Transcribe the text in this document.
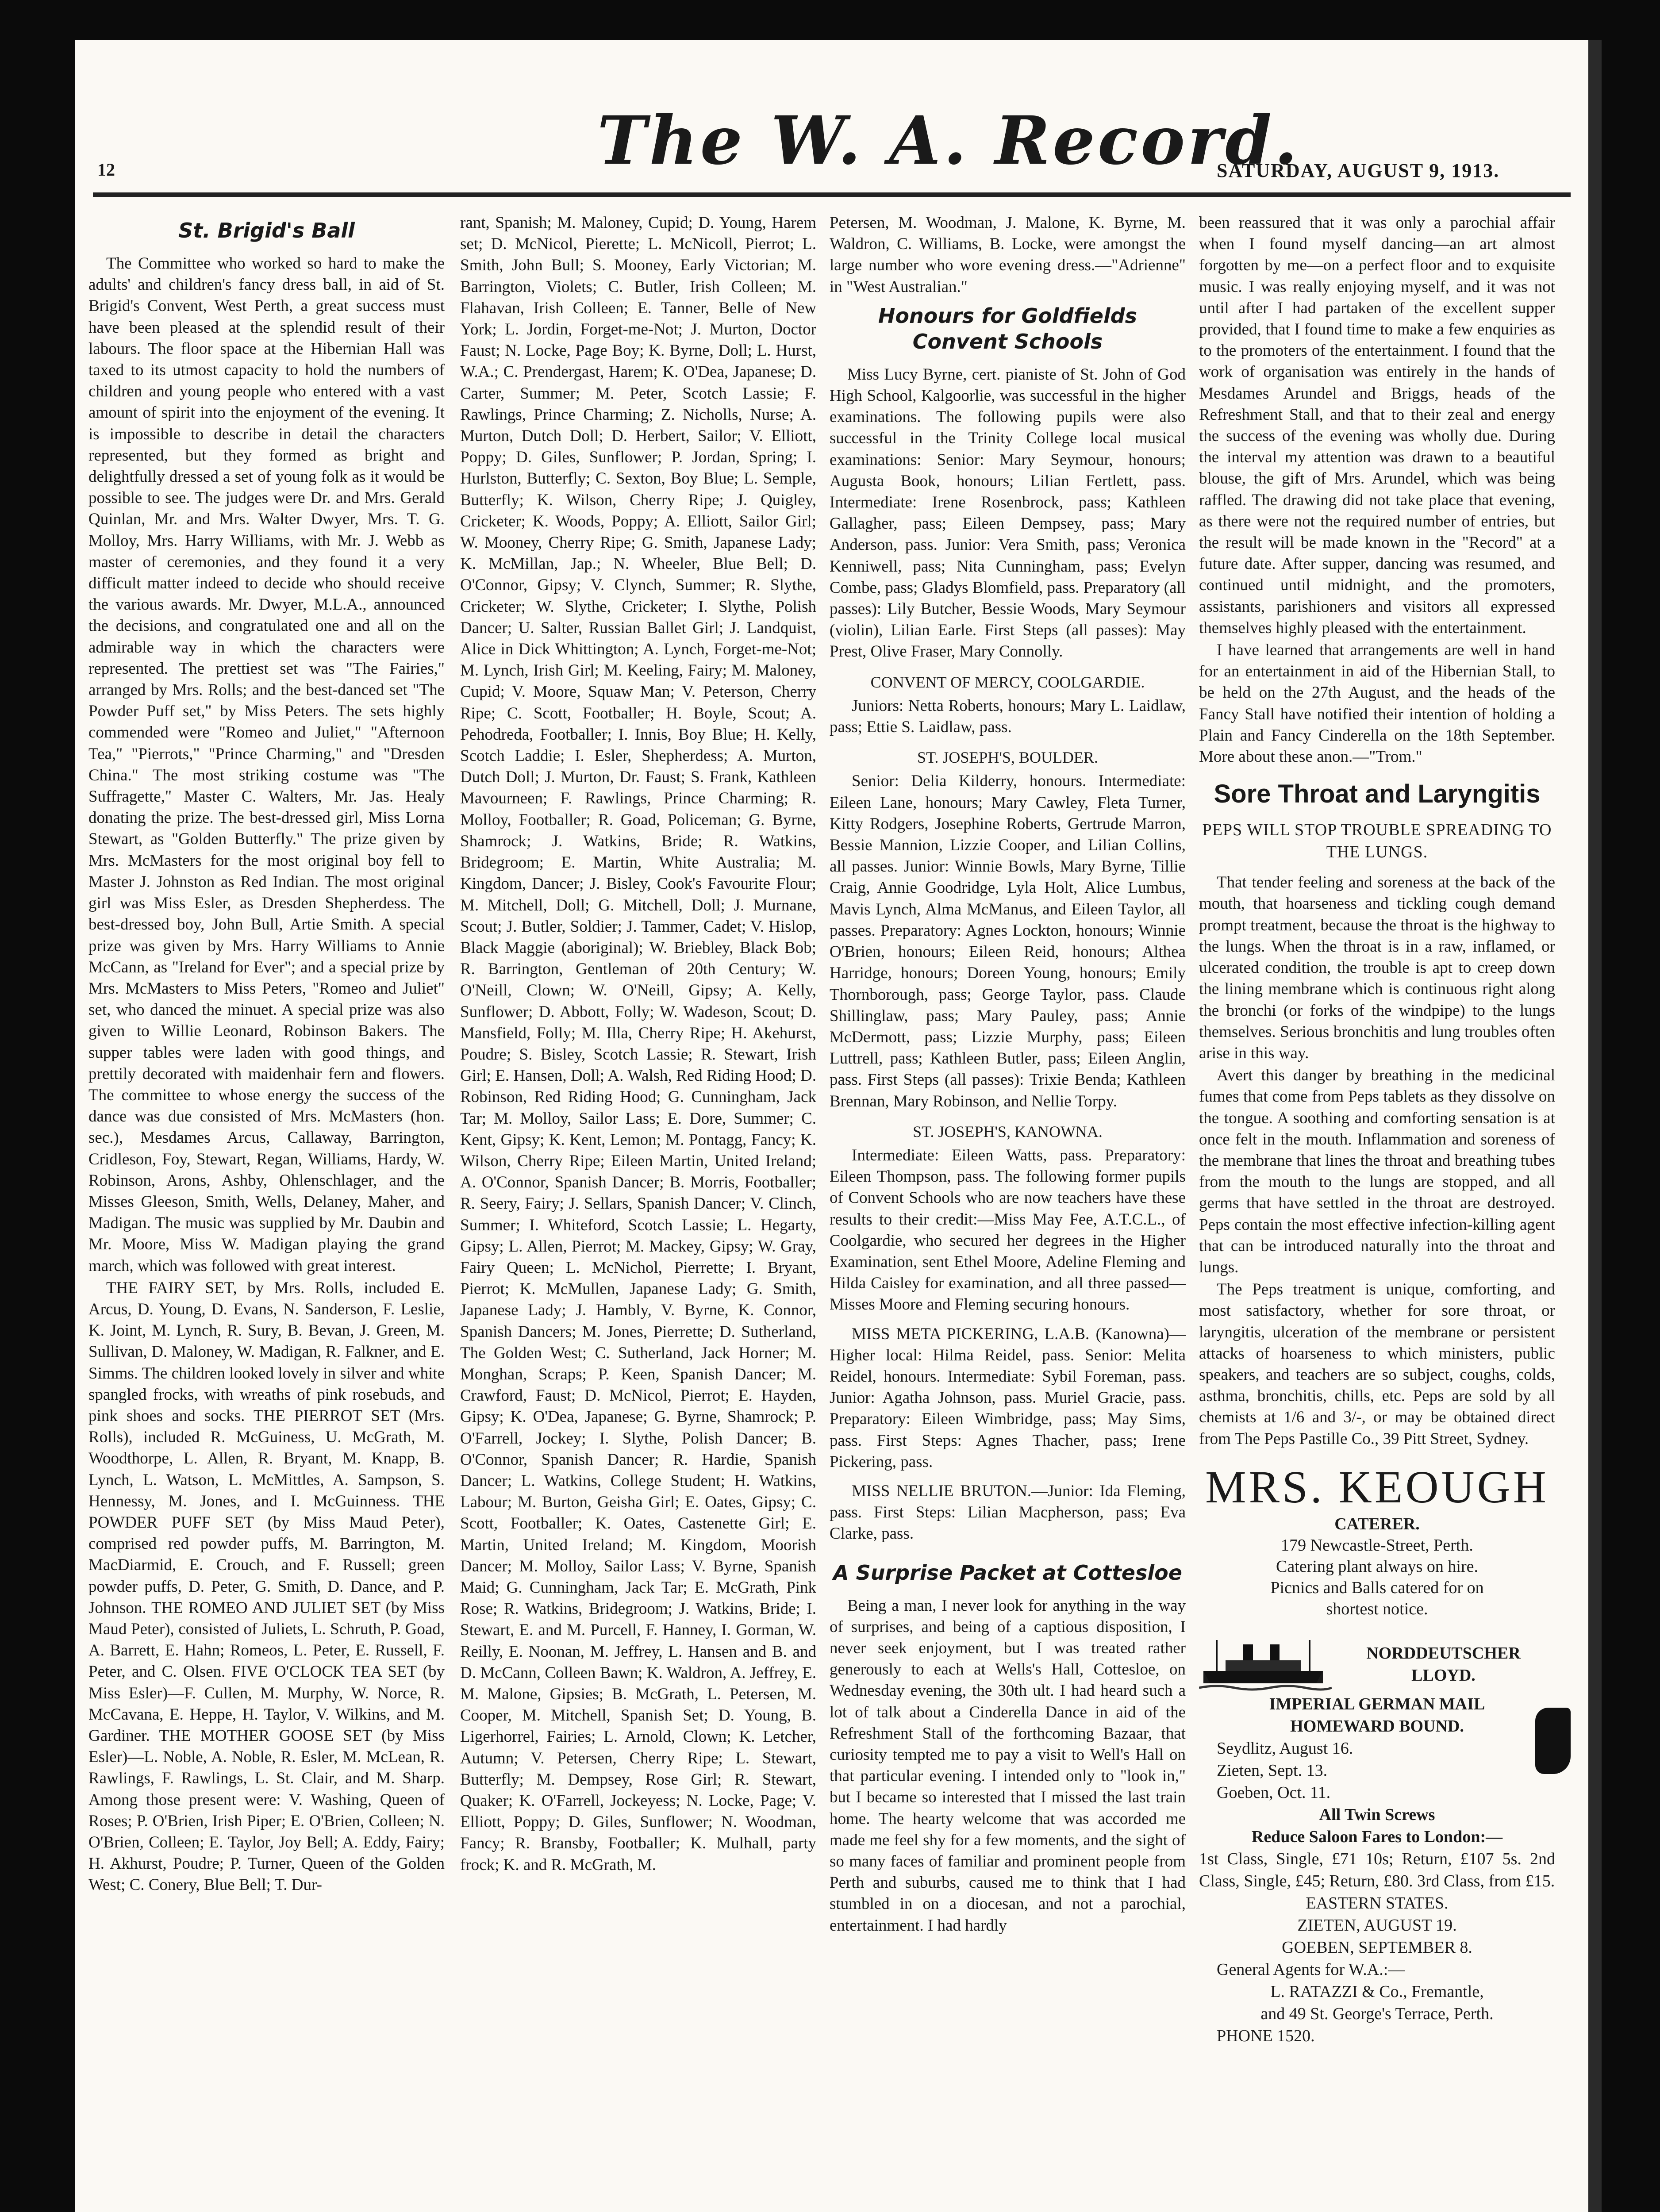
12	The W. A. Record.
SATURDAY, AUGUST 9, 1913.
St. Brigid's Ball

The Committee who worked so hard to make the adults' and children's fancy dress ball, in aid of St. Brigid's Convent, West Perth, a great success must have been pleased at the splendid result of their labours. The floor space at the Hibernian Hall was taxed to its utmost capacity to hold the numbers of children and young people who entered with a vast amount of spirit into the enjoyment of the evening. It is impossible to describe in detail the characters represented, but they formed as bright and delightfully dressed a set of young folk as it would be possible to see. The judges were Dr. and Mrs. Gerald Quinlan, Mr. and Mrs. Walter Dwyer, Mrs. T. G. Molloy, Mrs. Harry Williams, with Mr. J. Webb as master of ceremonies, and they found it a very difficult matter indeed to decide who should receive the various awards. Mr. Dwyer, M.L.A., announced the decisions, and congratulated one and all on the admirable way in which the characters were represented. The prettiest set was "The Fairies," arranged by Mrs. Rolls; and the best-danced set "The Powder Puff set," by Miss Peters. The sets highly commended were "Romeo and Juliet," "Afternoon Tea," "Pierrots," "Prince Charming," and "Dresden China." The most striking costume was "The Suffragette," Master C. Walters, Mr. Jas. Healy donating the prize. The best-dressed girl, Miss Lorna Stewart, as "Golden Butterfly." The prize given by Mrs. McMasters for the most original boy fell to Master J. Johnston as Red Indian. The most original girl was Miss Esler, as Dresden Shepherdess. The best-dressed boy, John Bull, Artie Smith. A special prize was given by Mrs. Harry Williams to Annie McCann, as "Ireland for Ever"; and a special prize by Mrs. McMasters to Miss Peters, "Romeo and Juliet" set, who danced the minuet. A special prize was also given to Willie Leonard, Robinson Bakers. The supper tables were laden with good things, and prettily decorated with maidenhair fern and flowers. The committee to whose energy the success of the dance was due consisted of Mrs. McMasters (hon. sec.), Mesdames Arcus, Callaway, Barrington, Cridleson, Foy, Stewart, Regan, Williams, Hardy, W. Robinson, Arons, Ashby, Ohlenschlager, and the Misses Gleeson, Smith, Wells, Delaney, Maher, and Madigan. The music was supplied by Mr. Daubin and Mr. Moore, Miss W. Madigan playing the grand march, which was followed with great interest.

THE FAIRY SET, by Mrs. Rolls, included E. Arcus, D. Young, D. Evans, N. Sanderson, F. Leslie, K. Joint, M. Lynch, R. Sury, B. Bevan, J. Green, M. Sullivan, D. Maloney, W. Madigan, R. Falkner, and E. Simms. The children looked lovely in silver and white spangled frocks, with wreaths of pink rosebuds, and pink shoes and socks. THE PIERROT SET (Mrs. Rolls), included R. McGuiness, U. McGrath, M. Woodthorpe, L. Allen, R. Bryant, M. Knapp, B. Lynch, L. Watson, L. McMittles, A. Sampson, S. Hennessy, M. Jones, and I. McGuinness. THE POWDER PUFF SET (by Miss Maud Peter), comprised red powder puffs, M. Barrington, M. MacDiarmid, E. Crouch, and F. Russell; green powder puffs, D. Peter, G. Smith, D. Dance, and P. Johnson. THE ROMEO AND JULIET SET (by Miss Maud Peter), consisted of Juliets, L. Schruth, P. Goad, A. Barrett, E. Hahn; Romeos, L. Peter, E. Russell, F. Peter, and C. Olsen. FIVE O'CLOCK TEA SET (by Miss Esler)—F. Cullen, M. Murphy, W. Norce, R. McCavana, E. Heppe, H. Taylor, V. Wilkins, and M. Gardiner. THE MOTHER GOOSE SET (by Miss Esler)—L. Noble, A. Noble, R. Esler, M. McLean, R. Rawlings, F. Rawlings, L. St. Clair, and M. Sharp. Among those present were: V. Washing, Queen of Roses; P. O'Brien, Irish Piper; E. O'Brien, Colleen; N. O'Brien, Colleen; E. Taylor, Joy Bell; A. Eddy, Fairy; H. Akhurst, Poudre; P. Turner, Queen of the Golden West; C. Conery, Blue Bell; T. Dur-

rant, Spanish; M. Maloney, Cupid; D. Young, Harem set; D. McNicol, Pierette; L. McNicoll, Pierrot; L. Smith, John Bull; S. Mooney, Early Victorian; M. Barrington, Violets; C. Butler, Irish Colleen; M. Flahavan, Irish Colleen; E. Tanner, Belle of New York; L. Jordin, Forget-me-Not; J. Murton, Doctor Faust; N. Locke, Page Boy; K. Byrne, Doll; L. Hurst, W.A.; C. Prendergast, Harem; K. O'Dea, Japanese; D. Carter, Summer; M. Peter, Scotch Lassie; F. Rawlings, Prince Charming; Z. Nicholls, Nurse; A. Murton, Dutch Doll; D. Herbert, Sailor; V. Elliott, Poppy; D. Giles, Sunflower; P. Jordan, Spring; I. Hurlston, Butterfly; C. Sexton, Boy Blue; L. Semple, Butterfly; K. Wilson, Cherry Ripe; J. Quigley, Cricketer; K. Woods, Poppy; A. Elliott, Sailor Girl; W. Mooney, Cherry Ripe; G. Smith, Japanese Lady; K. McMillan, Jap.; N. Wheeler, Blue Bell; D. O'Connor, Gipsy; V. Clynch, Summer; R. Slythe, Cricketer; W. Slythe, Cricketer; I. Slythe, Polish Dancer; U. Salter, Russian Ballet Girl; J. Landquist, Alice in Dick Whittington; A. Lynch, Forget-me-Not; M. Lynch, Irish Girl; M. Keeling, Fairy; M. Maloney, Cupid; V. Moore, Squaw Man; V. Peterson, Cherry Ripe; C. Scott, Footballer; H. Boyle, Scout; A. Pehodreda, Footballer; I. Innis, Boy Blue; H. Kelly, Scotch Laddie; I. Esler, Shepherdess; A. Murton, Dutch Doll; J. Murton, Dr. Faust; S. Frank, Kathleen Mavourneen; F. Rawlings, Prince Charming; R. Molloy, Footballer; R. Goad, Policeman; G. Byrne, Shamrock; J. Watkins, Bride; R. Watkins, Bridegroom; E. Martin, White Australia; M. Kingdom, Dancer; J. Bisley, Cook's Favourite Flour; M. Mitchell, Doll; G. Mitchell, Doll; J. Murnane, Scout; J. Butler, Soldier; J. Tammer, Cadet; V. Hislop, Black Maggie (aboriginal); W. Briebley, Black Bob; R. Barrington, Gentleman of 20th Century; W. O'Neill, Clown; W. O'Neill, Gipsy; A. Kelly, Sunflower; D. Abbott, Folly; W. Wadeson, Scout; D. Mansfield, Folly; M. Illa, Cherry Ripe; H. Akehurst, Poudre; S. Bisley, Scotch Lassie; R. Stewart, Irish Girl; E. Hansen, Doll; A. Walsh, Red Riding Hood; D. Robinson, Red Riding Hood; G. Cunningham, Jack Tar; M. Molloy, Sailor Lass; E. Dore, Summer; C. Kent, Gipsy; K. Kent, Lemon; M. Pontagg, Fancy; K. Wilson, Cherry Ripe; Eileen Martin, United Ireland; A. O'Connor, Spanish Dancer; B. Morris, Footballer; R. Seery, Fairy; J. Sellars, Spanish Dancer; V. Clinch, Summer; I. Whiteford, Scotch Lassie; L. Hegarty, Gipsy; L. Allen, Pierrot; M. Mackey, Gipsy; W. Gray, Fairy Queen; L. McNichol, Pierrette; I. Bryant, Pierrot; K. McMullen, Japanese Lady; G. Smith, Japanese Lady; J. Hambly, V. Byrne, K. Connor, Spanish Dancers; M. Jones, Pierrette; D. Sutherland, The Golden West; C. Sutherland, Jack Horner; M. Monghan, Scraps; P. Keen, Spanish Dancer; M. Crawford, Faust; D. McNicol, Pierrot; E. Hayden, Gipsy; K. O'Dea, Japanese; G. Byrne, Shamrock; P. O'Farrell, Jockey; I. Slythe, Polish Dancer; B. O'Connor, Spanish Dancer; R. Hardie, Spanish Dancer; L. Watkins, College Student; H. Watkins, Labour; M. Burton, Geisha Girl; E. Oates, Gipsy; C. Scott, Footballer; K. Oates, Castenette Girl; E. Martin, United Ireland; M. Kingdom, Moorish Dancer; M. Molloy, Sailor Lass; V. Byrne, Spanish Maid; G. Cunningham, Jack Tar; E. McGrath, Pink Rose; R. Watkins, Bridegroom; J. Watkins, Bride; I. Stewart, E. and M. Purcell, F. Hanney, I. Gorman, W. Reilly, E. Noonan, M. Jeffrey, L. Hansen and B. and D. McCann, Colleen Bawn; K. Waldron, A. Jeffrey, E. M. Malone, Gipsies; B. McGrath, L. Petersen, M. Cooper, M. Mitchell, Spanish Set; D. Young, B. Ligerhorrel, Fairies; L. Arnold, Clown; K. Letcher, Autumn; V. Petersen, Cherry Ripe; L. Stewart, Butterfly; M. Dempsey, Rose Girl; R. Stewart, Quaker; K. O'Farrell, Jockeyess; N. Locke, Page; V. Elliott, Poppy; D. Giles, Sunflower; N. Woodman, Fancy; R. Bransby, Footballer; K. Mulhall, party frock; K. and R. McGrath, M.

Petersen, M. Woodman, J. Malone, K. Byrne, M. Waldron, C. Williams, B. Locke, were amongst the large number who wore evening dress.—"Adrienne" in "West Australian."

Honours for Goldfields Convent Schools

Miss Lucy Byrne, cert. pianiste of St. John of God High School, Kalgoorlie, was successful in the higher examinations. The following pupils were also successful in the Trinity College local musical examinations: Senior: Mary Seymour, honours; Augusta Book, honours; Lilian Fertlett, pass. Intermediate: Irene Rosenbrock, pass; Kathleen Gallagher, pass; Eileen Dempsey, pass; Mary Anderson, pass. Junior: Vera Smith, pass; Veronica Kenniwell, pass; Nita Cunningham, pass; Evelyn Combe, pass; Gladys Blomfield, pass. Preparatory (all passes): Lily Butcher, Bessie Woods, Mary Seymour (violin), Lilian Earle. First Steps (all passes): May Prest, Olive Fraser, Mary Connolly.

CONVENT OF MERCY, COOLGARDIE.

Juniors: Netta Roberts, honours; Mary L. Laidlaw, pass; Ettie S. Laidlaw, pass.

ST. JOSEPH'S, BOULDER.

Senior: Delia Kilderry, honours. Intermediate: Eileen Lane, honours; Mary Cawley, Fleta Turner, Kitty Rodgers, Josephine Roberts, Gertrude Marron, Bessie Mannion, Lizzie Cooper, and Lilian Collins, all passes. Junior: Winnie Bowls, Mary Byrne, Tillie Craig, Annie Goodridge, Lyla Holt, Alice Lumbus, Mavis Lynch, Alma McManus, and Eileen Taylor, all passes. Preparatory: Agnes Lockton, honours; Winnie O'Brien, honours; Eileen Reid, honours; Althea Harridge, honours; Doreen Young, honours; Emily Thornborough, pass; George Taylor, pass. Claude Shillinglaw, pass; Mary Pauley, pass; Annie McDermott, pass; Lizzie Murphy, pass; Eileen Luttrell, pass; Kathleen Butler, pass; Eileen Anglin, pass. First Steps (all passes): Trixie Benda; Kathleen Brennan, Mary Robinson, and Nellie Torpy.

ST. JOSEPH'S, KANOWNA.

Intermediate: Eileen Watts, pass. Preparatory: Eileen Thompson, pass. The following former pupils of Convent Schools who are now teachers have these results to their credit:—Miss May Fee, A.T.C.L., of Coolgardie, who secured her degrees in the Higher Examination, sent Ethel Moore, Adeline Fleming and Hilda Caisley for examination, and all three passed—Misses Moore and Fleming securing honours.

MISS META PICKERING, L.A.B. (Kanowna)—Higher local: Hilma Reidel, pass. Senior: Melita Reidel, honours. Intermediate: Sybil Foreman, pass. Junior: Agatha Johnson, pass. Muriel Gracie, pass. Preparatory: Eileen Wimbridge, pass; May Sims, pass. First Steps: Agnes Thacher, pass; Irene Pickering, pass.

MISS NELLIE BRUTON.—Junior: Ida Fleming, pass. First Steps: Lilian Macpherson, pass; Eva Clarke, pass.

A Surprise Packet at Cottesloe

Being a man, I never look for anything in the way of surprises, and being of a captious disposition, I never seek enjoyment, but I was treated rather generously to each at Wells's Hall, Cottesloe, on Wednesday evening, the 30th ult. I had heard such a lot of talk about a Cinderella Dance in aid of the Refreshment Stall of the forthcoming Bazaar, that curiosity tempted me to pay a visit to Well's Hall on that particular evening. I intended only to "look in," but I became so interested that I missed the last train home. The hearty welcome that was accorded me made me feel shy for a few moments, and the sight of so many faces of familiar and prominent people from Perth and suburbs, caused me to think that I had stumbled in on a diocesan, and not a parochial, entertainment. I had hardly

been reassured that it was only a parochial affair when I found myself dancing—an art almost forgotten by me—on a perfect floor and to exquisite music. I was really enjoying myself, and it was not until after I had partaken of the excellent supper provided, that I found time to make a few enquiries as to the promoters of the entertainment. I found that the work of organisation was entirely in the hands of Mesdames Arundel and Briggs, heads of the Refreshment Stall, and that to their zeal and energy the success of the evening was wholly due. During the interval my attention was drawn to a beautiful blouse, the gift of Mrs. Arundel, which was being raffled. The drawing did not take place that evening, as there were not the required number of entries, but the result will be made known in the "Record" at a future date. After supper, dancing was resumed, and continued until midnight, and the promoters, assistants, parishioners and visitors all expressed themselves highly pleased with the entertainment.

I have learned that arrangements are well in hand for an entertainment in aid of the Hibernian Stall, to be held on the 27th August, and the heads of the Fancy Stall have notified their intention of holding a Plain and Fancy Cinderella on the 18th September. More about these anon.—"Trom."

Sore Throat and Laryngitis
PEPS WILL STOP TROUBLE SPREADING TO THE LUNGS.

That tender feeling and soreness at the back of the mouth, that hoarseness and tickling cough demand prompt treatment, because the throat is the highway to the lungs. When the throat is in a raw, inflamed, or ulcerated condition, the trouble is apt to creep down the lining membrane which is continuous right along the bronchi (or forks of the windpipe) to the lungs themselves. Serious bronchitis and lung troubles often arise in this way.

Avert this danger by breathing in the medicinal fumes that come from Peps tablets as they dissolve on the tongue. A soothing and comforting sensation is at once felt in the mouth. Inflammation and soreness of the membrane that lines the throat and breathing tubes from the mouth to the lungs are stopped, and all germs that have settled in the throat are destroyed. Peps contain the most effective infection-killing agent that can be introduced naturally into the throat and lungs.

The Peps treatment is unique, comforting, and most satisfactory, whether for sore throat, or laryngitis, ulceration of the membrane or persistent attacks of hoarseness to which ministers, public speakers, and teachers are so subject, coughs, colds, asthma, bronchitis, chills, etc. Peps are sold by all chemists at 1/6 and 3/-, or may be obtained direct from The Peps Pastille Co., 39 Pitt Street, Sydney.

MRS. KEOUGH
CATERER.
179 Newcastle-Street, Perth.
Catering plant always on hire.
Picnics and Balls catered for on
shortest notice.
NORDDEUTSCHER
LLOYD.
IMPERIAL GERMAN MAIL
HOMEWARD BOUND.
Seydlitz, August 16.
Zieten, Sept. 13.
Goeben, Oct. 11.
All Twin Screws
Reduce Saloon Fares to London:—
1st Class, Single, £71 10s; Return, £107 5s. 2nd Class, Single, £45; Return, £80. 3rd Class, from £15.
EASTERN STATES.
ZIETEN, AUGUST 19.
GOEBEN, SEPTEMBER 8.
General Agents for W.A.:—
L. RATAZZI & Co., Fremantle,
and 49 St. George's Terrace, Perth.
PHONE 1520.
